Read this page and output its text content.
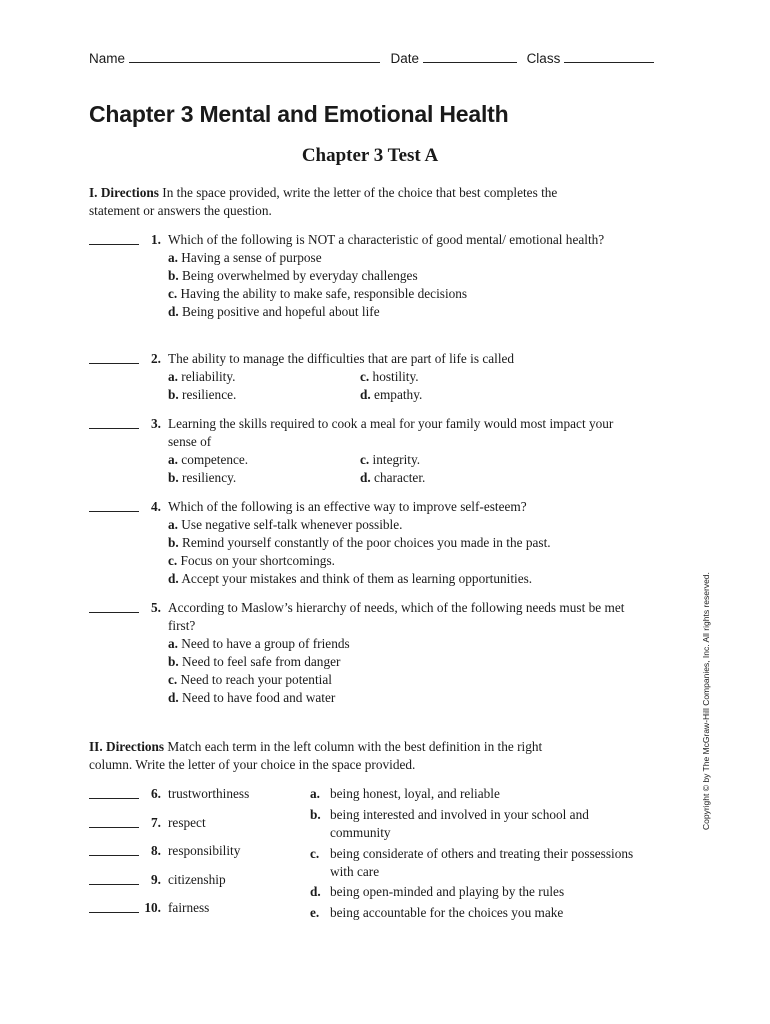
Name	Date	Class
Chapter 3 Mental and Emotional Health
Chapter 3 Test A
I. Directions In the space provided, write the letter of the choice that best completes the statement or answers the question.
1. Which of the following is NOT a characteristic of good mental/ emotional health?
a. Having a sense of purpose
b. Being overwhelmed by everyday challenges
c. Having the ability to make safe, responsible decisions
d. Being positive and hopeful about life
2. The ability to manage the difficulties that are part of life is called
a. reliability.
b. resilience.
c. hostility.
d. empathy.
3. Learning the skills required to cook a meal for your family would most impact your sense of
a. competence.
b. resiliency.
c. integrity.
d. character.
4. Which of the following is an effective way to improve self-esteem?
a. Use negative self-talk whenever possible.
b. Remind yourself constantly of the poor choices you made in the past.
c. Focus on your shortcomings.
d. Accept your mistakes and think of them as learning opportunities.
5. According to Maslow’s hierarchy of needs, which of the following needs must be met first?
a. Need to have a group of friends
b. Need to feel safe from danger
c. Need to reach your potential
d. Need to have food and water
II. Directions Match each term in the left column with the best definition in the right column. Write the letter of your choice in the space provided.
6. trustworthiness
7. respect
8. responsibility
9. citizenship
10. fairness
a. being honest, loyal, and reliable
b. being interested and involved in your school and community
c. being considerate of others and treating their possessions with care
d. being open-minded and playing by the rules
e. being accountable for the choices you make
Copyright © by The McGraw-Hill Companies, Inc. All rights reserved.
